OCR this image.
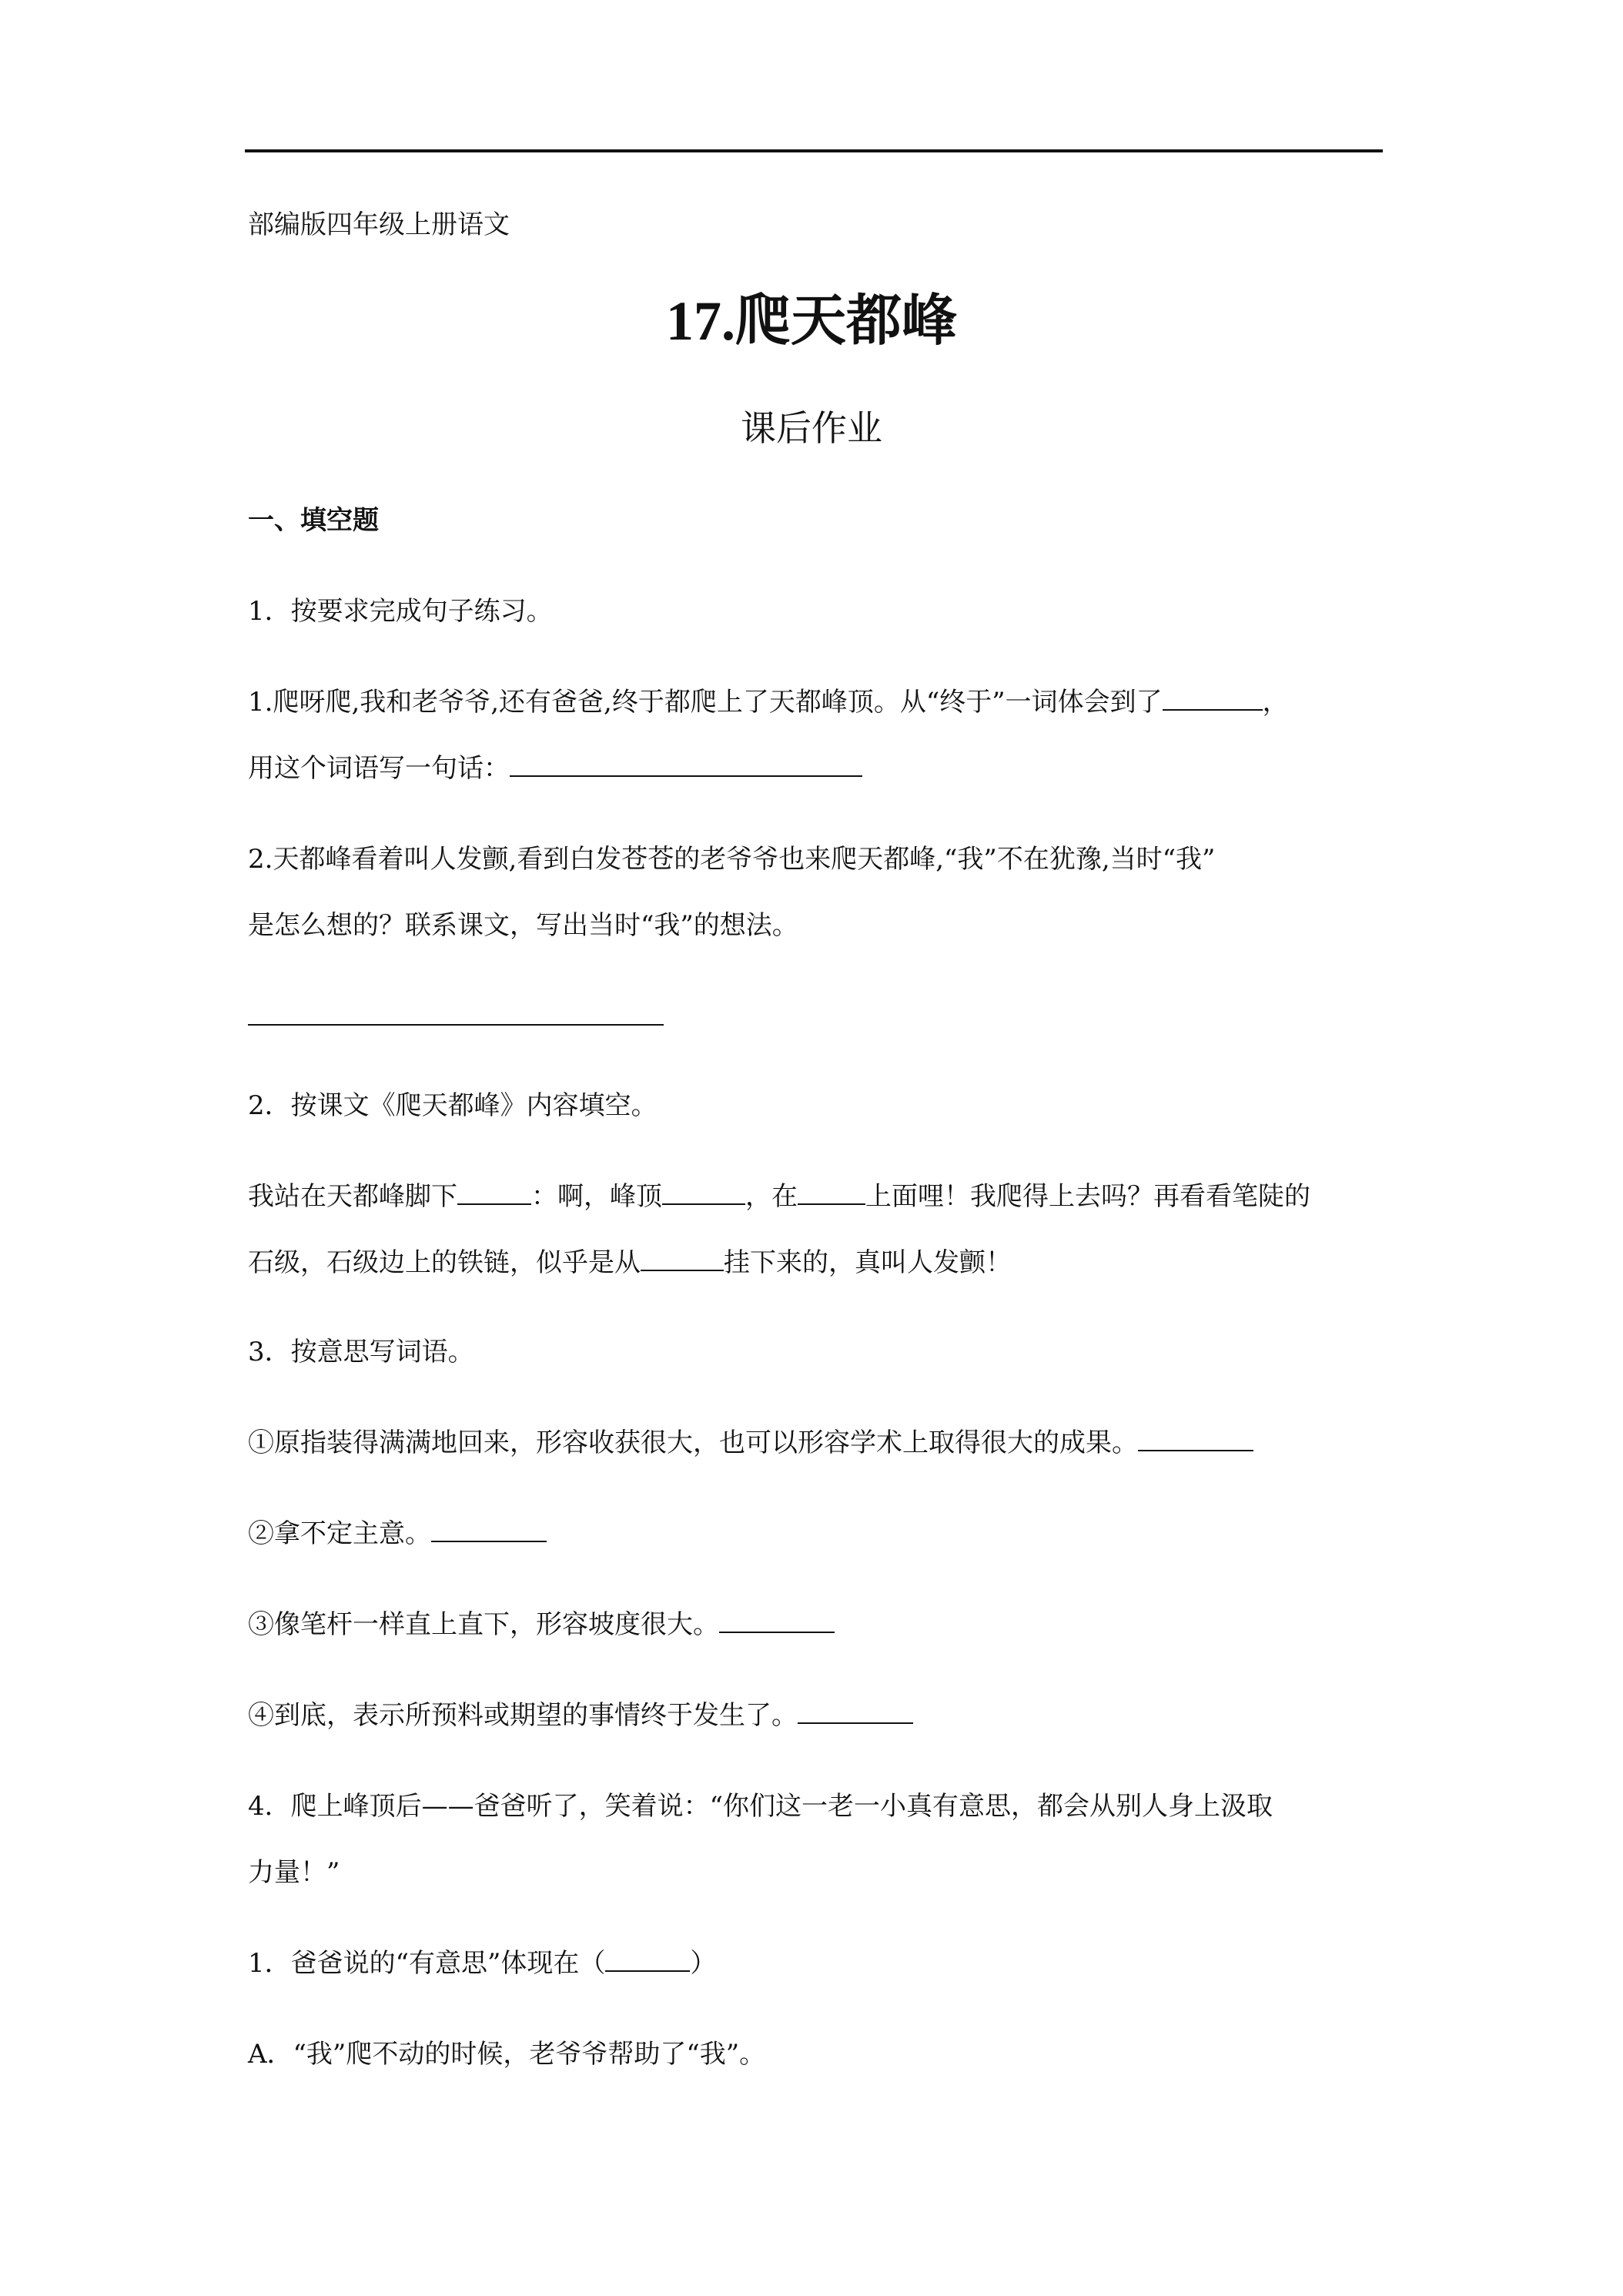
部编版四年级上册语文
17.爬天都峰
课后作业
一、填空题
1．按要求完成句子练习。
1.爬呀爬,我和老爷爷,还有爸爸,终于都爬上了天都峰顶。从“终于”一词体会到了	，
用这个词语写一句话：
2.天都峰看着叫人发颤,看到白发苍苍的老爷爷也来爬天都峰,“我”不在犹豫,当时“我”
是怎么想的？联系课文，写出当时“我”的想法。
2．按课文《爬天都峰》内容填空。
我站在天都峰脚下	：啊，峰顶	，在	上面哩！我爬得上去吗？再看看笔陡的
石级，石级边上的铁链，似乎是从	挂下来的，真叫人发颤！
3．按意思写词语。
①原指装得满满地回来，形容收获很大，也可以形容学术上取得很大的成果。
②拿不定主意。
③像笔杆一样直上直下，形容坡度很大。
④到底，表示所预料或期望的事情终于发生了。
4．爬上峰顶后——爸爸听了，笑着说：“你们这一老一小真有意思，都会从别人身上汲取
力量！”
1．爸爸说的“有意思”体现在（	）
A．“我”爬不动的时候，老爷爷帮助了“我”。
